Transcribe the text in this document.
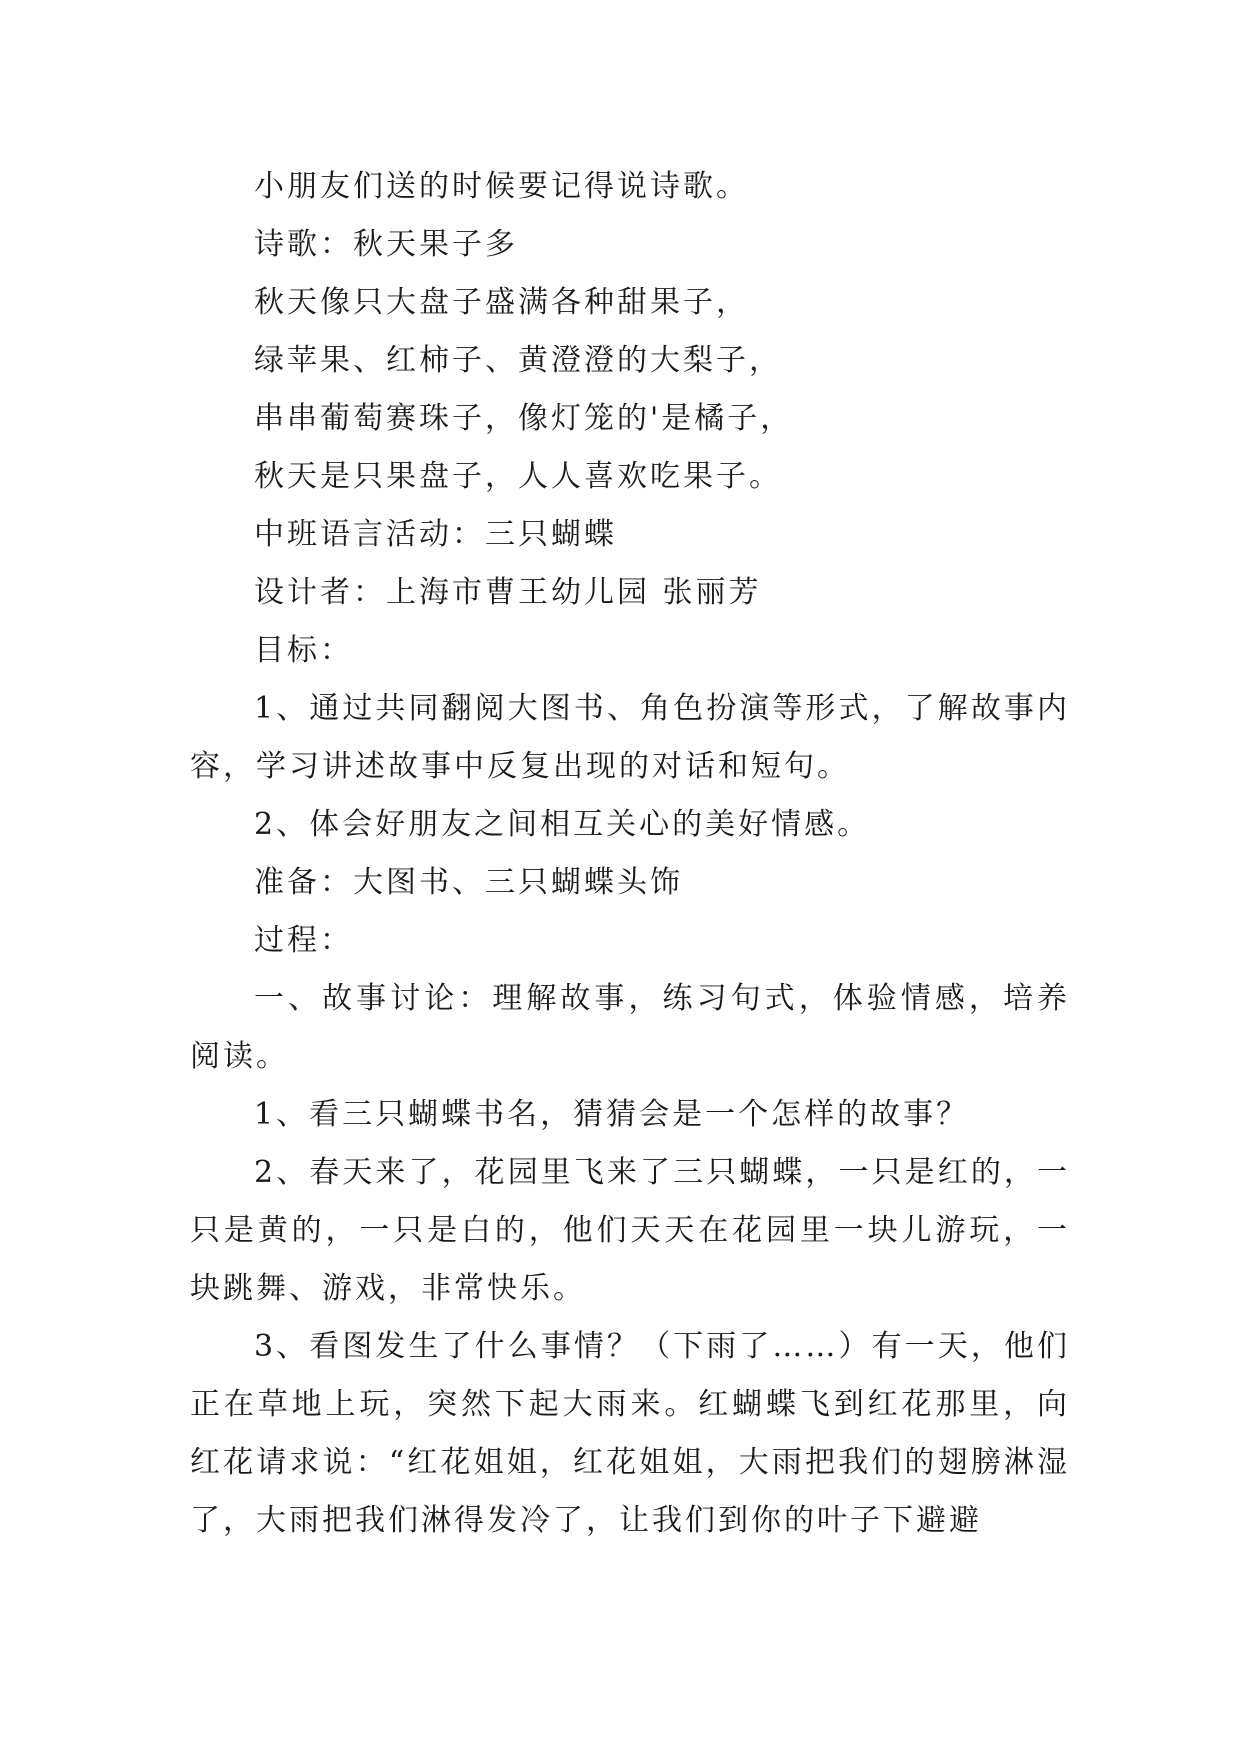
小朋友们送的时候要记得说诗歌。

诗歌：秋天果子多

秋天像只大盘子盛满各种甜果子，

绿苹果、红柿子、黄澄澄的大梨子，

串串葡萄赛珠子，像灯笼的'是橘子，

秋天是只果盘子，人人喜欢吃果子。

中班语言活动：三只蝴蝶

设计者：上海市曹王幼儿园 张丽芳

目标：

1、通过共同翻阅大图书、角色扮演等形式，了解故事内容，学习讲述故事中反复出现的对话和短句。

2、体会好朋友之间相互关心的美好情感。

准备：大图书、三只蝴蝶头饰

过程：

一、故事讨论：理解故事，练习句式，体验情感，培养阅读。

1、看三只蝴蝶书名，猜猜会是一个怎样的故事？

2、春天来了，花园里飞来了三只蝴蝶，一只是红的，一只是黄的，一只是白的，他们天天在花园里一块儿游玩，一块跳舞、游戏，非常快乐。

3、看图发生了什么事情？（下雨了……）有一天，他们正在草地上玩，突然下起大雨来。红蝴蝶飞到红花那里，向红花请求说：“红花姐姐，红花姐姐，大雨把我们的翅膀淋湿了，大雨把我们淋得发冷了，让我们到你的叶子下避避
